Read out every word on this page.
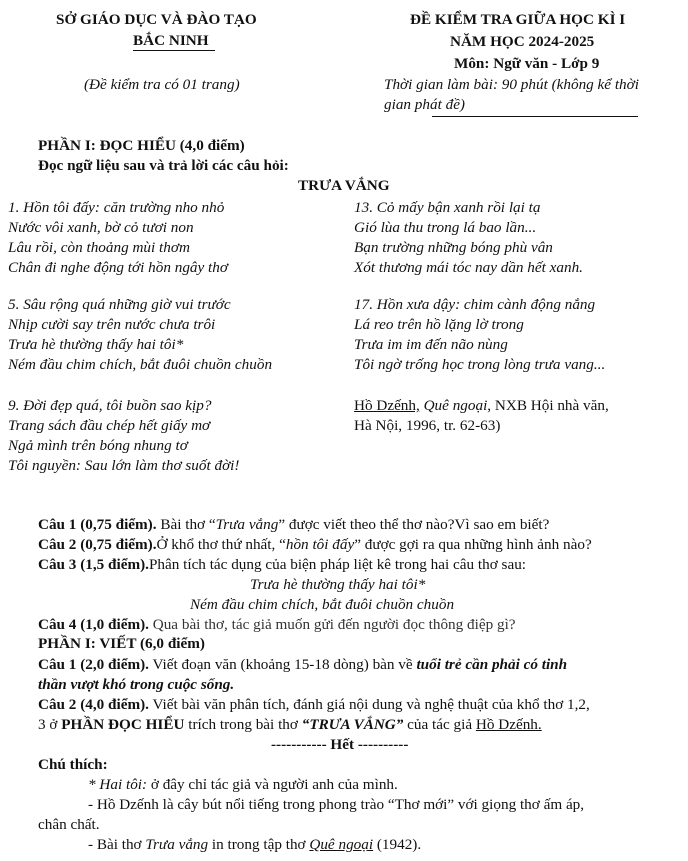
SỞ GIÁO DỤC VÀ ĐÀO TẠO
BẮC NINH
(Đề kiểm tra có 01 trang)
ĐỀ KIỂM TRA GIỮA HỌC KÌ I
NĂM HỌC 2024-2025
Môn: Ngữ văn - Lớp 9
Thời gian làm bài: 90 phút (không kể thời
gian phát đề)
PHẦN I: ĐỌC HIỂU (4,0 điểm)
Đọc ngữ liệu sau và trả lời các câu hỏi:
TRƯA VẮNG
1. Hồn tôi đấy: căn trường nho nhỏ
Nước vôi xanh, bờ cỏ tươi non
Lâu rồi, còn thoảng mùi thơm
Chân đi nghe động tới hồn ngây thơ
5. Sâu rộng quá những giờ vui trước
Nhịp cười say trên nước chưa trôi
Trưa hè thường thấy hai tôi*
Ném đầu chim chích, bắt đuôi chuồn chuồn
9. Đời đẹp quá, tôi buồn sao kịp?
Trang sách đầu chép hết giấy mơ
Ngả mình trên bóng nhung tơ
Tôi nguyền: Sau lớn làm thơ suốt đời!
13. Cỏ mấy bận xanh rồi lại tạ
Gió lùa thu trong lá bao lần...
Bạn trường những bóng phù vân
Xót thương mái tóc nay dần hết xanh.
17. Hồn xưa dậy: chim cành động nắng
Lá reo trên hồ lặng lờ trong
Trưa im im đến não nùng
Tôi ngờ trống học trong lòng trưa vang...
Hồ Dzếnh, Quê ngoại, NXB Hội nhà văn,
Hà Nội, 1996, tr. 62-63)
Câu 1 (0,75 điểm). Bài thơ “Trưa vắng” được viết theo thể thơ nào?Vì sao em biết?
Câu 2 (0,75 điểm).Ở khổ thơ thứ nhất, “hồn tôi đấy” được gợi ra qua những hình ảnh nào?
Câu 3 (1,5 điểm).Phân tích tác dụng của biện pháp liệt kê trong hai câu thơ sau:
Trưa hè thường thấy hai tôi*
Ném đầu chim chích, bắt đuôi chuồn chuồn
Câu 4 (1,0 điểm). Qua bài thơ, tác giả muốn gửi đến người đọc thông điệp gì?
PHẦN I: VIẾT (6,0 điểm)
Câu 1 (2,0 điểm). Viết đoạn văn (khoảng 15-18 dòng) bàn về tuổi trẻ cần phải có tinh
thần vượt khó trong cuộc sống.
Câu 2 (4,0 điểm). Viết bài văn phân tích, đánh giá nội dung và nghệ thuật của khổ thơ 1,2,
3 ở PHẦN ĐỌC HIỂU trích trong bài thơ “TRƯA VẮNG” của tác giả Hồ Dzếnh.
----------- Hết ----------
Chú thích:
* Hai tôi: ở đây chỉ tác giả và người anh của mình.
- Hồ Dzếnh là cây bút nổi tiếng trong phong trào “Thơ mới” với giọng thơ ấm áp,
chân chất.
- Bài thơ Trưa vắng in trong tập thơ Quê ngoại (1942).
